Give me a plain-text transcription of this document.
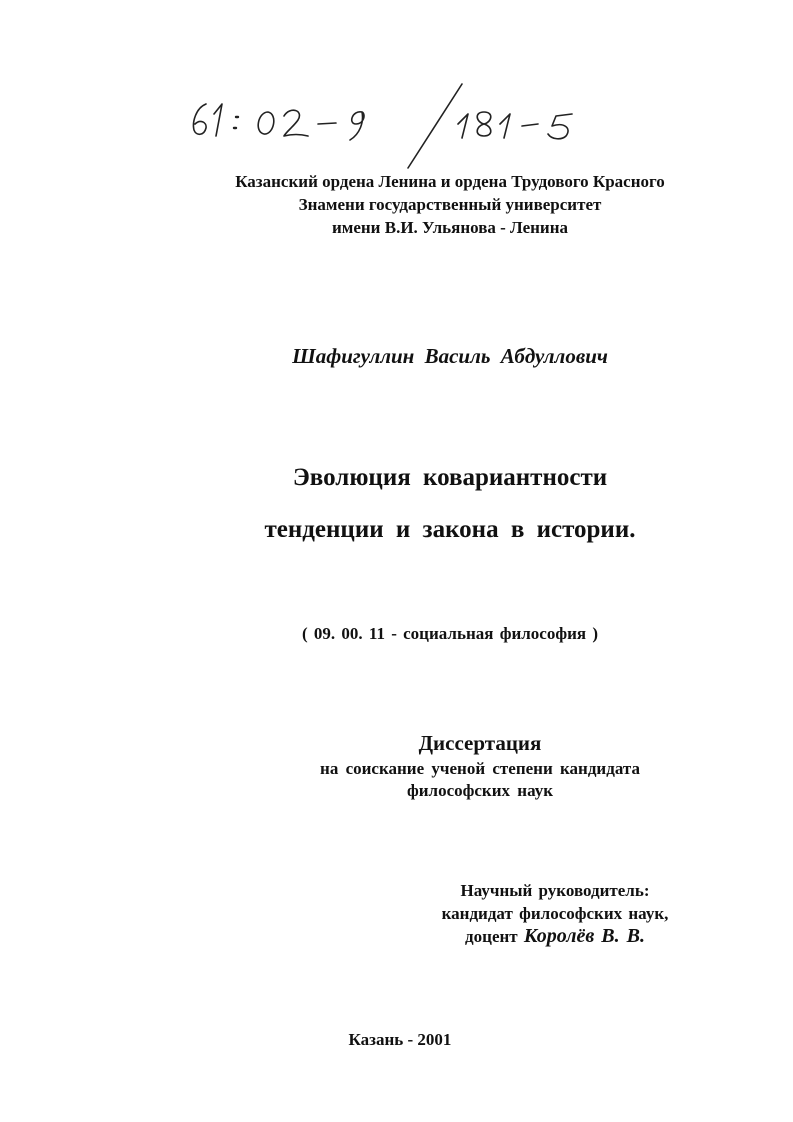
Казанский ордена Ленина и ордена Трудового Красного
Знамени государственный университет
имени В.И. Ульянова - Ленина
Шафигуллин Василь Абдуллович
Эволюция ковариантности
тенденции и закона в истории.
( 09. 00. 11 - социальная философия )
Диссертация
на соискание ученой степени кандидата
философских наук
Научный руководитель:
кандидат философских наук,
доцент Королёв В. В.
Казань - 2001
